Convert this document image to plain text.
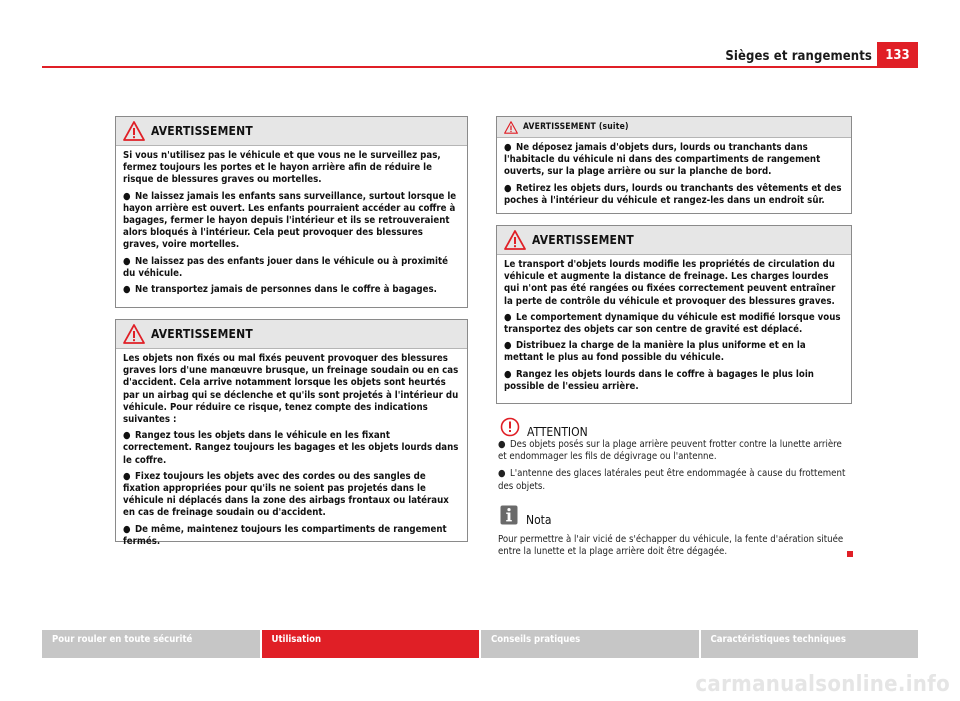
Sièges et rangements	133
AVERTISSEMENT

Si vous n'utilisez pas le véhicule et que vous ne le surveillez pas, fermez toujours les portes et le hayon arrière afin de réduire le risque de blessures graves ou mortelles.

● Ne laissez jamais les enfants sans surveillance, surtout lorsque le hayon arrière est ouvert. Les enfants pourraient accéder au coffre à bagages, fermer le hayon depuis l'intérieur et ils se retrouveraient alors bloqués à l'intérieur. Cela peut provoquer des blessures graves, voire mortelles.

● Ne laissez pas des enfants jouer dans le véhicule ou à proximité du véhicule.

● Ne transportez jamais de personnes dans le coffre à bagages.

AVERTISSEMENT

Les objets non fixés ou mal fixés peuvent provoquer des blessures graves lors d'une manœuvre brusque, un freinage soudain ou en cas d'accident. Cela arrive notamment lorsque les objets sont heurtés par un airbag qui se déclenche et qu'ils sont projetés à l'intérieur du véhicule. Pour réduire ce risque, tenez compte des indications suivantes :

● Rangez tous les objets dans le véhicule en les fixant correctement. Rangez toujours les bagages et les objets lourds dans le coffre.

● Fixez toujours les objets avec des cordes ou des sangles de fixation appropriées pour qu'ils ne soient pas projetés dans le véhicule ni déplacés dans la zone des airbags frontaux ou latéraux en cas de freinage soudain ou d'accident.

● De même, maintenez toujours les compartiments de rangement fermés.

AVERTISSEMENT (suite)

● Ne déposez jamais d'objets durs, lourds ou tranchants dans l'habitacle du véhicule ni dans des compartiments de rangement ouverts, sur la plage arrière ou sur la planche de bord.

● Retirez les objets durs, lourds ou tranchants des vêtements et des poches à l'intérieur du véhicule et rangez-les dans un endroit sûr.

AVERTISSEMENT

Le transport d'objets lourds modifie les propriétés de circulation du véhicule et augmente la distance de freinage. Les charges lourdes qui n'ont pas été rangées ou fixées correctement peuvent entraîner la perte de contrôle du véhicule et provoquer des blessures graves.

● Le comportement dynamique du véhicule est modifié lorsque vous transportez des objets car son centre de gravité est déplacé.

● Distribuez la charge de la manière la plus uniforme et en la mettant le plus au fond possible du véhicule.

● Rangez les objets lourds dans le coffre à bagages le plus loin possible de l'essieu arrière.

ATTENTION

● Des objets posés sur la plage arrière peuvent frotter contre la lunette arrière et endommager les fils de dégivrage ou l'antenne.

● L'antenne des glaces latérales peut être endommagée à cause du frottement des objets.

Nota

Pour permettre à l'air vicié de s'échapper du véhicule, la fente d'aération située entre la lunette et la plage arrière doit être dégagée.

Pour rouler en toute sécurité	Utilisation	Conseils pratiques	Caractéristiques techniques
carmanualsonline.info
